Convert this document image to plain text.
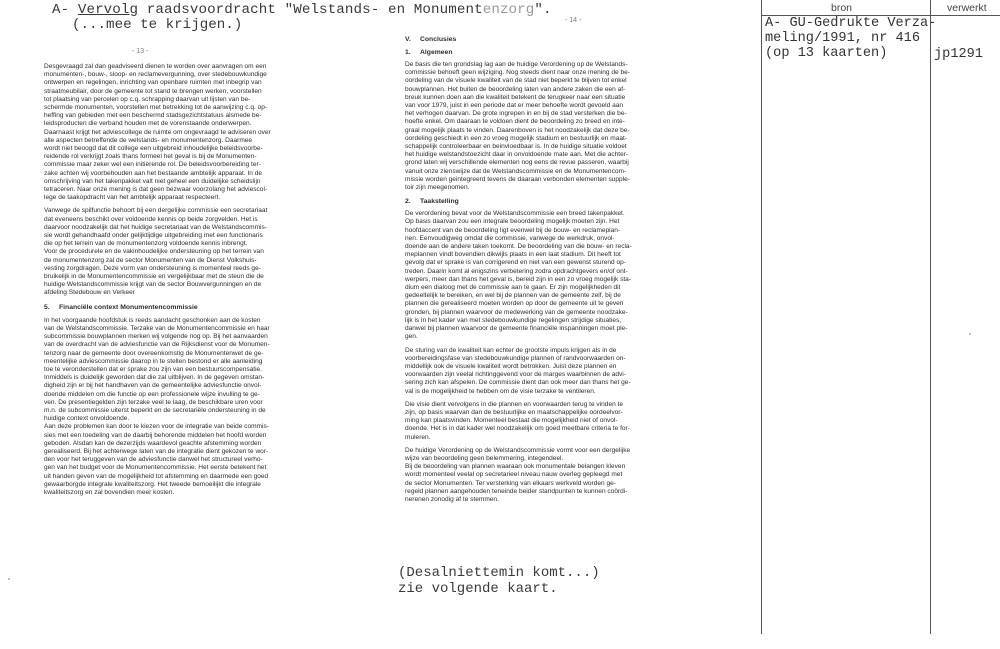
A- Vervolg raadsvoordracht "Welstands- en Monumentenzorg".
(...mee te krijgen.)
- 13 -
- 14 -

Desgevraagd zal dan geadviseerd dienen te worden over aanvragen om een
monumenten-, bouw-, sloop- en reclamevergunning, over stedebouwkundige
ontwerpen en regelingen, inrichting van openbare ruimten met inbegrip van
straatmeubilair, door de gemeente tot stand te brengen werken, voorstellen
tot plaatsing van percelen op c.q. schrapping daarvan uit lijsten van be-
schermde monumenten, voorstellen met betrekking tot de aanwijzing c.q. op-
heffing van gebieden met een beschermd stadsgezichtstatuus alsmede be-
leidsproducten die verband houden met de vorenstaande onderwerpen.
Daarnaast krijgt het adviescollege de ruimte om ongevraagd te adviseren over
alle aspecten betreffende de welstands- en monumentenzorg. Daarmee
wordt niet beoogd dat dit college een uitgebreid inhoudelijke beleidsvoorbe-
reidende rol verkrijgt zoals thans formeel het geval is bij de Monumenten-
commissie maar zeker wel een initiërende rol. De beleidsvoorbereiding ter-
zake achten wij voorbehouden aan het bestaande ambtelijk apparaat. In de
omschrijving van het takenpakket valt niet geheel een duidelijke scheidslijn
tetraceren. Naar onze mening is dat geen bezwaar voorzolang het adviescol-
lege de taakopdracht van het ambtelijk apparaat respecteert.

Vanwege de spilfunctie behoort bij een dergelijke commissie een secretariaat
dat eveneens beschikt over voldoende kennis op beide zorgvelden. Het is
daarvoor noodzakelijk dat het huidige secretariaat van de Welstandscommis-
sie wordt gehandhaafd onder gelijktijdige uitgebreiding met een functionaris
die op het terrein van de monumentenzorg voldoende kennis inbrengt.
Voor de procedurele en de vakinhoudelijke ondersteuning op het terrein van
de monumentenzorg zal de sector Monumenten van de Dienst Volkshuis-
vesting zorgdragen. Deze vorm van ondersteuning is momenteel reeds ge-
bruikelijk in de Monumentencommissie en vergelijkbaar met de steun die de
huidige Welstandscommissie krijgt van de sector Bouwvergunningen en de
afdeling Stedebouw en Verkeer

5. Financiële context Monumentencommissie

In het voorgaande hoofdstuk is reeds aandacht geschonken aan de kosten
van de Welstandscommissie. Terzake van de Monumentencommissie en haar
subcommissie bouwplannen merken wij volgende nog op. Bij het aanvaarden
van de overdracht van de adviesfunctie van de Rijksdienst voor de Monumen-
tenzorg naar de gemeente door overeenkomstig de Monumentenwet de ge-
meentelijke adviescommissie daarop in te stellen bestond er alle aanleiding
toe te veronderstellen dat er sprake zou zijn van een bestuurscompensatie.
Inmiddels is duidelijk geworden dat die zal uitblijven. In de gegeven omstan-
digheid zijn er bij het handhaven van de gemeentelijke adviesfunctie onvol-
doende middelen om die functie op een professionele wijze invulling te ge-
ven. De presentiegelden zijn terzake veel te laag, de beschikbare uren voor
m.n. de subcommissie uiterst beperkt en de secretariële ondersteuning in de
huidige context onvoldoende.
Aan deze problemen kan door te kiezen voor de integratie van beide commis-
sies met een toedeling van de daarbij behorende middelen het hoofd worden
geboden. Alsdan kan de dezerzijds waardevol geachte afstemming worden
gerealiseerd. Bij het achterwege laten van de integratie dient gekozen te wor-
den voor het teruggeven van de adviesfunctie danwel het structureel verho-
gen van het budget voor de Monumentencommissie. Het eerste betekent het
uit handen geven van de mogelijkheid tot afstemming en daarmede een goed
gewaarborgde integrale kwaliteitszorg. Het tweede bemoeilijkt die integrale
kwaliteitszorg en zal bovendien meer kosten.

V. Conclusies
1. Algemeen

De basis die ten grondslag lag aan de huidige Verordening op de Welstands-
commissie behoeft geen wijziging. Nog steeds dient naar onze mening de be-
oordeling van de visuele kwaliteit van de stad niet beperkt te blijven tot enkel
bouwplannen. Het buiten de beoordeling laten van andere zaken die een af-
breuk kunnen doen aan die kwaliteit betekent de terugkeer naar een situatie
van voor 1979, juist in een periode dat er meer behoefte wordt gevoeld aan
het verhogen daarvan. De grote ingrepen in en bij de stad versterken die be-
hoefte enkel. Om daaraan te voldoen dient de beoordeling zo breed en inte-
graal mogelijk plaats te vinden. Daarenboven is het noodzakelijk dat deze be-
oordeling geschiedt in een zo vroeg mogelijk stadium en bestuurlijk en maat-
schappelijk controleerbaar en beinvloedbaar is. In de huidige situatie voldoet
het huidige welstandstoezicht daar in onvoldoende mate aan. Met die achter-
grond laten wij verschillende elementen nog eens de revue passeren, waarbij
vanuit onze zienswijze dat de Welstandscommissie en de Monumentencom-
missie worden geintegreerd tevens de daaraan verbonden elementen supple-
toir zijn meegenomen.

2. Taakstelling

De verordening bevat voor de Welstandscommissie een breed takenpakket.
Op basis daarvan zou een integrale beoordeling mogelijk moeten zijn. Het
hoofdaccent van de beoordeling ligt evenwel bij de bouw- en reclameplan-
nen. Eenvoudigweg omdat die commissie, vanwege de werkdruk, onvol-
doende aan de andere taken toekomt. De beoordeling van die bouw- en recla-
meplannen vindt bovendien dikwijls plaats in een laat stadium. Dit heeft tot
gevolg dat er sprake is van corrigerend en niet van een gewenst sturend op-
treden. Daarin komt al enigszins verbetering zodra opdrachtgevers en/of ont-
werpers, meer dan thans het geval is, bereid zijn in een zo vroeg mogelijk sta-
dium een dialoog met de commissie aan te gaan. Er zijn mogelijkheden dit
gedeeltelijk te bereiken, en wel bij de plannen van de gemeente zelf, bij de
plannen die gerealiseerd moeten worden op door de gemeente uit te geven
gronden, bij plannen waarvoor de medewerking van de gemeente noodzake-
lijk is in het kader van met stedebouwkundige regelingen strijdige situaties,
danwel bij plannen waarvoor de gemeente financiële inspanningen moet ple-
gen.

De sturing van de kwaliteit kan echter de grootste impuls krijgen als in de
voorbereidingsfase van stedebouwkundige plannen of randvoorwaarden on-
middellijk ook de visuele kwaliteit wordt betrokken. Juist deze plannen en
voorwaarden zijn veelal richtinggevend voor de marges waarbinnen de advi-
sering zich kan afspelen. De commissie dient dan ook meer dan thans het ge-
val is de mogelijkheid te hebben om de visie terzake te ventileren.

Die visie dient vervolgens in die plannen en voorwaarden terug te vinden te
zijn, op basis waarvan dan de bestuurlijke en maatschappelijke oordeelvor-
ming kan plaatsvinden. Momenteel bestaat die mogelijkheid niet of onvol-
doende. Het is in dat kader wel noodzakelijk om goed meetbare criteria te for-
muleren.

De huidige Verordening op de Welstandscommissie vormt voor een dergelijke
wijze van beoordeling geen belemmering, integendeel.
Bij de beoordeling van plannen waaraan ook monumentale belangen kleven
wordt momenteel veelal op secretarieel niveau nauw overleg gepleegd met
de sector Monumenten. Ter versterking van elkaars werkveld worden ge-
regeld plannen aangehouden teneinde beider standpunten te kunnen coördi-
nerenen zonodig af te stemmen.

(Desalniettemin komt...)
zie volgende kaart.
bron	verwerkt
A- GU-Gedrukte Verza-
meling/1991, nr 416
(op 13 kaarten)	jp1291
